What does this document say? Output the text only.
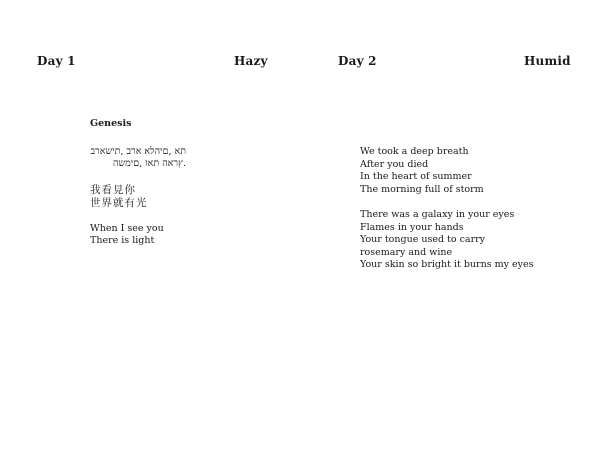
Day 1	Hazy	Day 2	Humid
Genesis
תא ,םיהלא ארב ,תישארב
.ץראה תאו ,םימשה
我看見你
世界就有光
When I see you
There is light
We took a deep breath
After you died
In the heart of summer
The morning full of storm
There was a galaxy in your eyes
Flames in your hands
Your tongue used to carry
rosemary and wine
Your skin so bright it burns my eyes
